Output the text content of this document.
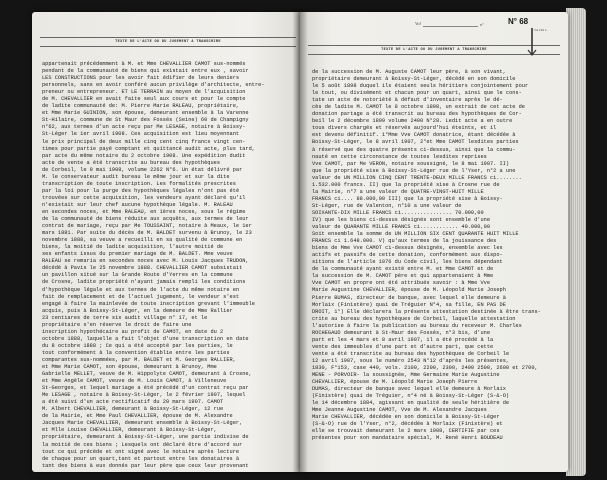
TEXTE DE L'ACTE OU DU JUGEMENT A TRANSCRIRE
appartenait précédemment à M. et Mme CHEVALLIER CAMOT sus-nommés
pendant de la communauté de biens qui existait entre eux , savoir
LES CONSTRUCTIONS pour les avoir fait édifier de leurs deniers
personnels, sans en avoir conféré aucun privilège d'architecte, entre-
preneur ou entrepreneur. ET LE TERRAIN au moyen de l'acquisition
de M. CHEVALLIER en avait faite seul aux cours et pour le compte
de ladite communauté de: M. Pierre Marie RALEAU, propriétaire,
et Mme Marie GUINION, son épouse, demeurant ensemble à la Varenne
St-Hilaire, commune de St Maur des Fossés (Seine) 60 de Champigny
n°62, aux termes d'un acte reçu par Me LESAGE, notaire à Boissy-
St-Léger le 1er avril 1908. Ces acquisition est lieu moyennant
le prix principal de deux mille cinq cent cinq francs vingt cen-
times pour partie payé comptant et quittancé audit acte, plus tard,
par acte du même notaire du 2 octobre 1908. Une expédition dudit
acte de vente a été transcrite au bureau des hypothèques
de Corbeil, le 9 mai 1908, volume 2262 N°6. Un état délivré par
M. le conservateur audit bureau le même jour et sur la dite
transcription de toute inscription. Les formalités prescrites
par la loi pour la purge des hypothèques légales n'ont pas été
trouvées sur cette acquisition, les vendeurs ayant déclaré qu'il
n'existait sur leur chef aucune hypothèque légale. M. RALEAU
en secondes noces, et Mme RALEAU, en 1ères noces, sous le régime
de la communauté de biens réduite aux acquêts, aux termes de leur
contrat de mariage, reçu par Me TOUSSAINT, notaire à Meaux, le 1er
mars 1881. Par suite du décès de M. BALDET survenu à Brunoy, le 23
novembre 1888, sa veuve a recueilli en sa qualité de commune en
biens, la moitié de ladite acquisition, l'autre moitié de
ses enfants issus du premier mariage de M. BALDET. Mme veuve
RALEAU se remaria en secondes noces avec M. Louis Jacques TRUDON,
décédé à Pavis le 25 novembre 1888. CHEVALLIER CAMOT subsistait
un pavillon situé sur la Grande Route d'Yerres en la commune
de Crosne, ladite propriété n'ayant jamais rempli les conditions
d'hypothèque légale et aux termes de l'acte du même notaire en
fait de remplacement et de l'actuel jugement, le vendeur s'est
engagé à faire la mainlevée de toute inscription grevant l'immeuble
acquis, puis à Boissy-St-Léger, en la demeure de Mme Rallier
23 centiares de terre sis audit village n° 17, et le
propriétaire s'en réserve le droit de faire une
inscription hypothécaire au profit de CAMOT, en date du 2
octobre 1888, laquelle a fait l'objet d'une transcription en date
du 8 octobre 1888 ; Ce qui a été accepté par les parties, le
tout conformément à la convention établie entre les parties
comparantes sus-nommées, par M. BALDET et M. Georges RALLIER,
et Mme Marie CAMOT, son épouse, demeurant à Brunoy, Mme
Gabrielle MELLET, veuve de M. Hippolyte CAMOT, demeurant à Crosne,
et Mme Angèle CAMOT, veuve de M. Louis CAMOT, à Villeneuve
St-Georges, et lequel mariage a été précédé d'un contrat reçu par
Me LESAGE , notaire à Boissy-St-Léger, le 2 février 1907, lequel
a été suivi d'un acte rectificatif du 20 mars 1907. CAMOT
M. Albert CHEVALLIER, demeurant à Boissy-St-Léger, 12 rue
de la Mairie, et Mme Paul CHEVALLIER, épouse de M. Alexandre
Jacques Marie CHEVALLIER, demeurant ensemble à Boissy-St-Léger,
et Mlle Louise CHEVALLIER, demeurant à Boissy-St-Léger,
propriétaire, demeurant à Boissy-St-Léger, une partie indivise de
la moitié de ces biens ; Lesquels ont déclaré être d'accord sur
tout ce qui précède et ont signé avec le notaire après lecture
de chaque pour un quart,tant et partout entre les donataires à
tant des biens à eux donnés par leur père que ceux leur provenant
TEXTE DE L'ACTE OU DU JUGEMENT A TRANSCRIRE
de la succession de M. Auguste CAMOT leur père, à son vivant,
propriétaire demeurant à Boissy-St-Léger, décédé en son domicile
le 5 août 1898 duquel ils étaient seuls héritiers conjointement pour
le tout, ou divisément et chacun pour un quart, ainsi que le cons-
tate un acte de notoriété à défaut d'inventaire après le dé-
cès de ladite M. CAMOT le 8 octobre 1898, un extrait de cet acte de
donation partage a été transcrit au bureau des hypothèques de Cor-
beil le 2 décembre 1899 volume 2400 N°28. Ledit acte a en outre
tous divers chargés et réservés aujourd'hui éteints, et il
est devenu définitif. 1°Mme Vve CAMOT donatrice, étant décédée à
Boissy-St-Léger, le 8 avril 1907, 2°et Mme CAMOT lesdites parties
à réservé que des quatre présents ci-dessus, ainsi que la commu-
nauté en cette circonstance de toutes lesdites reprises
Vve CAMOT, par Me VERON, notaire soussigné, le 8 mai 1907. II)
que la propriété sise à Boissy-St-Léger rue de l'Yser, n°2 a une
valeur de UN MILLION CINQ CENT TRENTE-DEUX MILLE FRANCS ci........
1.532.000 francs. II) que la propriété sise à Crosne rue de
la Mairie, n°7 a une valeur de QUATRE-VINGT-HUIT MILLE
FRANCS ci.... 88.000,00 III) que la propriété sise à Boissy-
St-Léger, rue de Valenton, n°10 a une valeur de
SOIXANTE-DIX MILLE FRANCS ci................ 70.000,00
IV) que les biens ci-dessus désignés sont ensemble d'une
valeur de QUARANTE MILLE FRANCS ci............ 40.000,00
Soit ensemble la somme de UN MILLION SIX CENT QUARANTE HUIT MILLE
FRANCS ci 1.648.000. V) qu'aux termes de la jouissance des
biens de Mme Vve CAMOT ci-dessus désignés, ensemble avec les
actifs et passifs de cette donation, conformément aux dispo-
sitions de l'article 1076 du Code civil, les biens dépendant
de la communauté ayant existé entre M. et Mme CAMOT et de
la succession de M. CAMOT père et qui appartenaient à Mme
Vve CAMOT en propre ont été attribués savoir : à Mme Vve
Marie Augustine CHEVALLIER, épouse de M. Léopold Marie Joseph
Pierre BUMAS, directeur de banque, avec lequel elle demeure à
Morlaix (Finistère) quai de Tréguier N°4, sa fille, EN PAS DE
DROIT, 1°) Elle déclarera la présente attestation destinée à être trans-
crite au bureau des hypothèques de Corbeil, laquelle attestation
l'autorise à faire la publication au bureau du receveur M. Charles
ROCHEGAUD demeurant à St-Maur des Fossés, n°3 bis, d'une
part et les 4 mars et 8 avril 1907, il a été procédé à la
vente des immeubles d'une part et d'autre part, que cette
vente a été transcrite au bureau des hypothèques de Corbeil le
12 avril 1907, sous le numéro 2543 N°12 d'après les présentes,
1830, F°153, case 440, vols. 2100, 2200, 2300, 2400 2500, 2600 et 2700,
MENE - PORVOIR- la soussignée, Mme Germaine Marie Augustine
CHEVALLIER, épouse de M. Léopold Marie Joseph Pierre
DUMAS, directeur de banque avec lequel elle demeure à Morlaix
(Finistère) quai de Tréguier, n°4 né à Boissy-St-Léger (S-&-O)
le 14 décembre 1884, agissant en qualité de seule héritière de
Mme Jeanne Augustine CAMOT, Vve de M. Alexandre Jacques
Marie CHEVALLIER, décédée en son domicile à Boissy-St-Léger
(S-&-O) rue de l'Yser, n°2, décédée à Morlaix (Finistère) et
elle se trouvait demeurant le 2 mars 1908, CERTIFIE par ces
présentes pour son mandataire spécial, M. René Henri BOUDEAU
Vol	n°	N° 68
Vol 199 1-
